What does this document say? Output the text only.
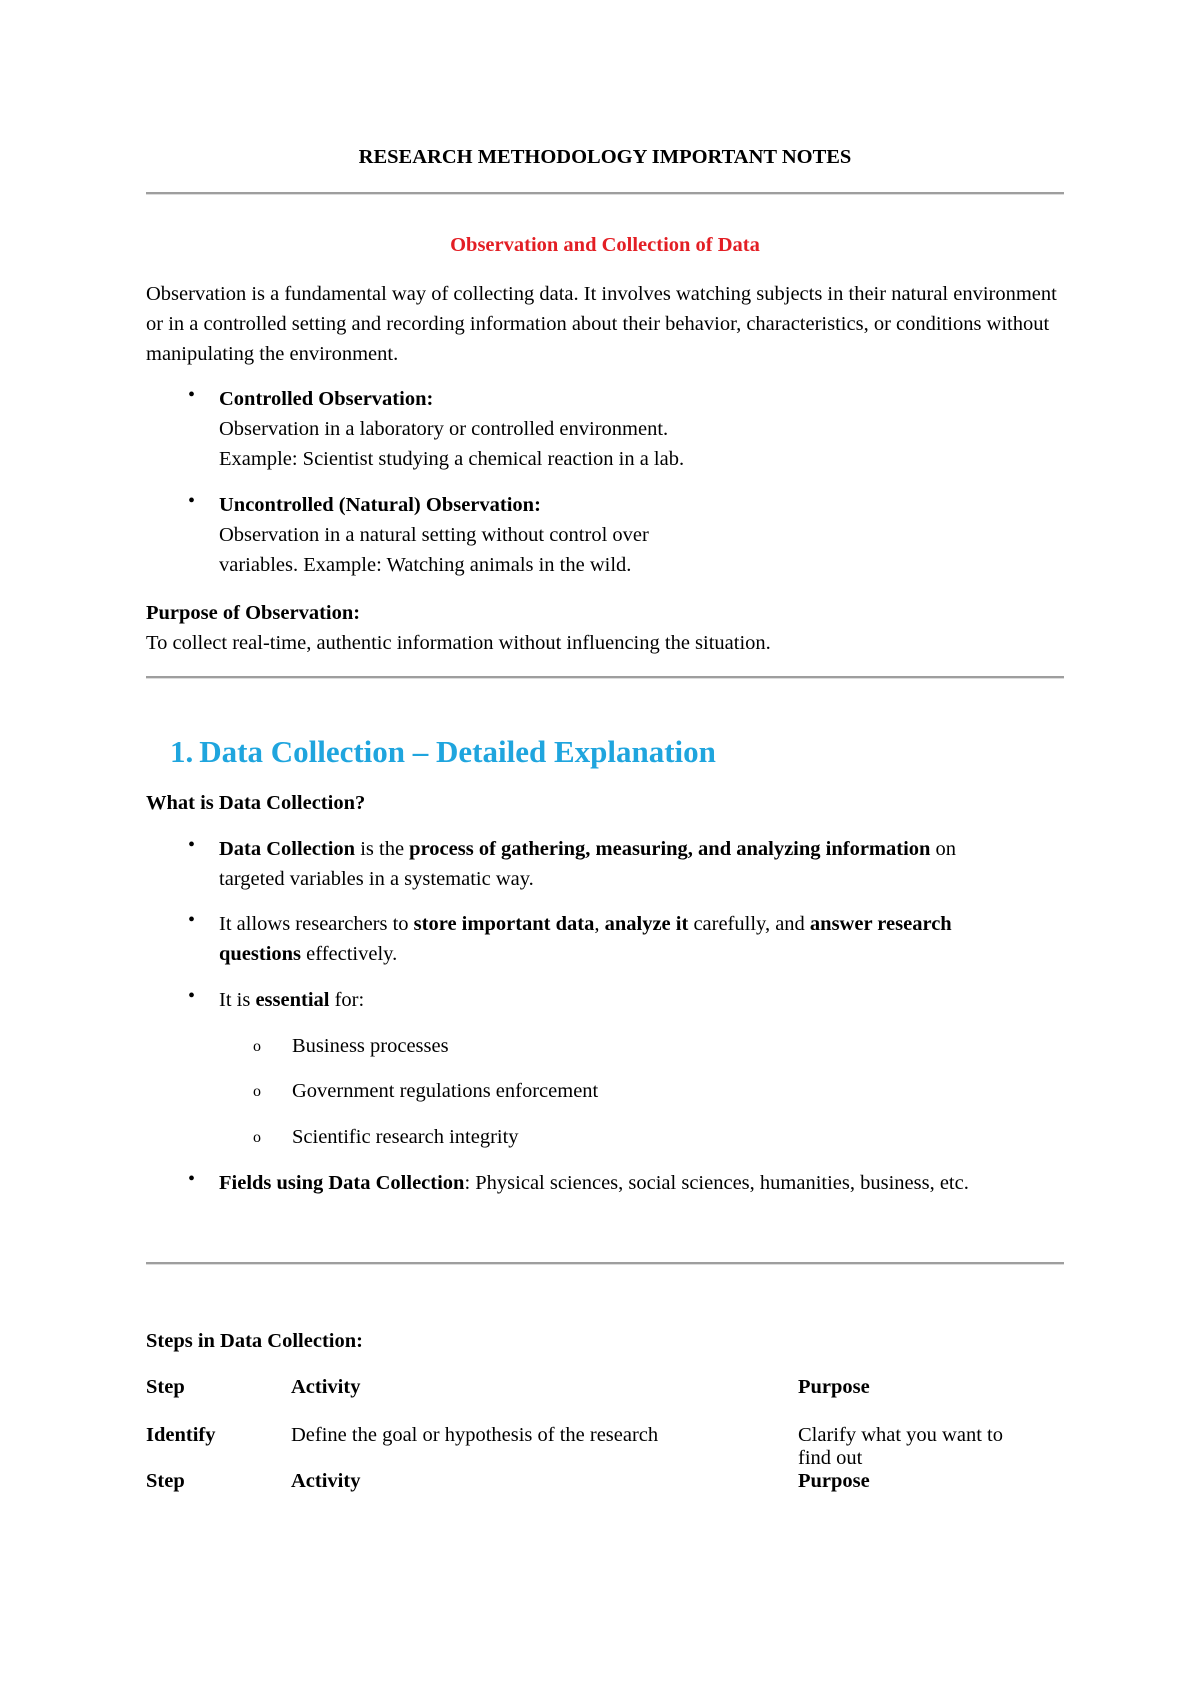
RESEARCH METHODOLOGY IMPORTANT NOTES
Observation and Collection of Data

Observation is a fundamental way of collecting data. It involves watching subjects in their natural environment or in a controlled setting and recording information about their behavior, characteristics, or conditions without manipulating the environment.

• Controlled Observation:

Observation in a laboratory or controlled environment.

Example: Scientist studying a chemical reaction in a lab.

• Uncontrolled (Natural) Observation:

Observation in a natural setting without control over

variables. Example: Watching animals in the wild.

Purpose of Observation:

To collect real-time, authentic information without influencing the situation.

1. Data Collection – Detailed Explanation

What is Data Collection?

• Data Collection is the process of gathering, measuring, and analyzing information on targeted variables in a systematic way.

• It allows researchers to store important data, analyze it carefully, and answer research questions effectively.

• It is essential for:

o Business processes
o Government regulations enforcement
o Scientific research integrity

• Fields using Data Collection: Physical sciences, social sciences, humanities, business, etc.

Steps in Data Collection:

Step	Activity	Purpose
Identify	Define the goal or hypothesis of the research	Clarify what you want to find out
Step	Activity	Purpose
